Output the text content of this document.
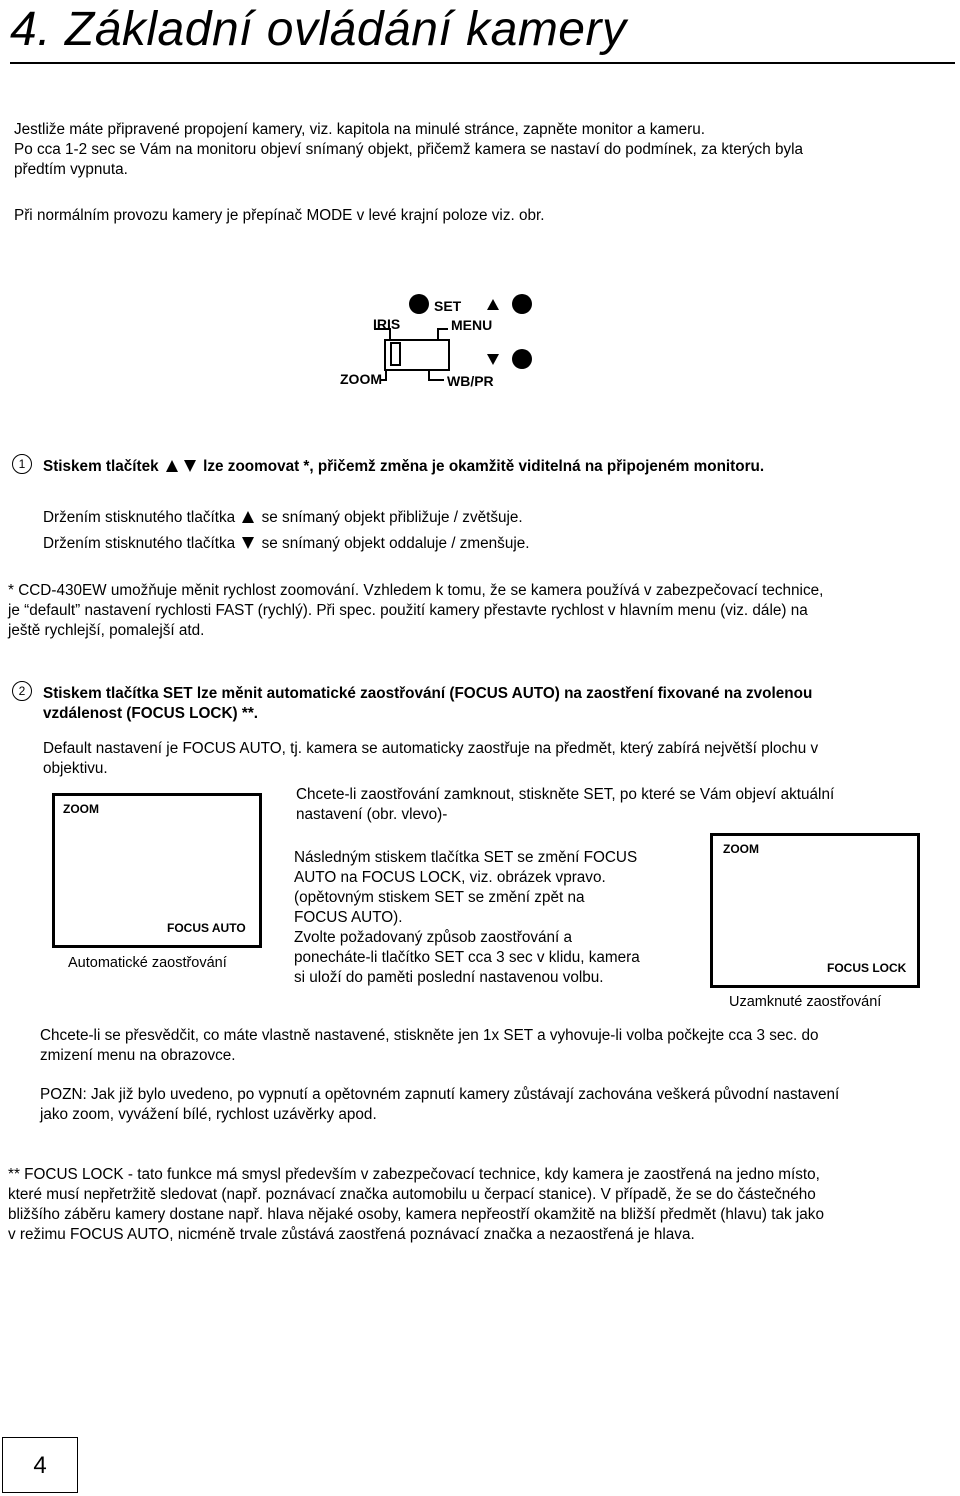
4. Základní ovládání kamery
Jestliže máte připravené propojení kamery, viz. kapitola na minulé stránce, zapněte monitor a kameru.
Po cca 1-2 sec se Vám na monitoru objeví snímaný objekt, přičemž kamera se nastaví do podmínek, za kterých byla
předtím vypnuta.
Při normálním provozu kamery je přepínač MODE v levé krajní poloze viz. obr.
SET
IRIS	MENU
ZOOM	WB/PR
1	Stiskem tlačítek	lze zoomovat *, přičemž změna je okamžitě viditelná na připojeném monitoru.
Držením stisknutého tlačítka se snímaný objekt přibližuje / zvětšuje.
Držením stisknutého tlačítka se snímaný objekt oddaluje / zmenšuje.
* CCD-430EW umožňuje měnit rychlost zoomování. Vzhledem k tomu, že se kamera používá v zabezpečovací technice,
je “default” nastavení rychlosti FAST (rychlý). Při spec. použití kamery přestavte rychlost v hlavním menu (viz. dále) na
ještě rychlejší, pomalejší atd.
2	Stiskem tlačítka SET lze měnit automatické zaostřování (FOCUS AUTO) na zaostření fixované na zvolenou
vzdálenost (FOCUS LOCK) **.
Default nastavení je FOCUS AUTO, tj. kamera se automaticky zaostřuje na předmět, který zabírá největší plochu v
objektivu.
Chcete-li zaostřování zamknout, stiskněte SET, po které se Vám objeví aktuální
nastavení (obr. vlevo)-
ZOOM
FOCUS AUTO
Automatické zaostřování
Následným stiskem tlačítka SET se změní FOCUS
AUTO na FOCUS LOCK, viz. obrázek vpravo.
(opětovným stiskem SET se změní zpět na
FOCUS AUTO).
Zvolte požadovaný způsob zaostřování a
ponecháte-li tlačítko SET cca 3 sec v klidu, kamera
si uloží do paměti poslední nastavenou volbu.
ZOOM
FOCUS LOCK
Uzamknuté zaostřování
Chcete-li se přesvědčit, co máte vlastně nastavené, stiskněte jen 1x SET a vyhovuje-li volba počkejte cca 3 sec. do
zmizení menu na obrazovce.
POZN: Jak již bylo uvedeno, po vypnutí a opětovném zapnutí kamery zůstávají zachována veškerá původní nastavení
jako zoom, vyvážení bílé, rychlost uzávěrky apod.
** FOCUS LOCK - tato funkce má smysl především v zabezpečovací technice, kdy kamera je zaostřená na jedno místo,
které musí nepřetržitě sledovat (např. poznávací značka automobilu u čerpací stanice). V případě, že se do částečného
bližšího záběru kamery dostane např. hlava nějaké osoby, kamera nepřeostří okamžitě na bližší předmět (hlavu) tak jako
v režimu FOCUS AUTO, nicméně trvale zůstává zaostřená poznávací značka a nezaostřená je hlava.
4
